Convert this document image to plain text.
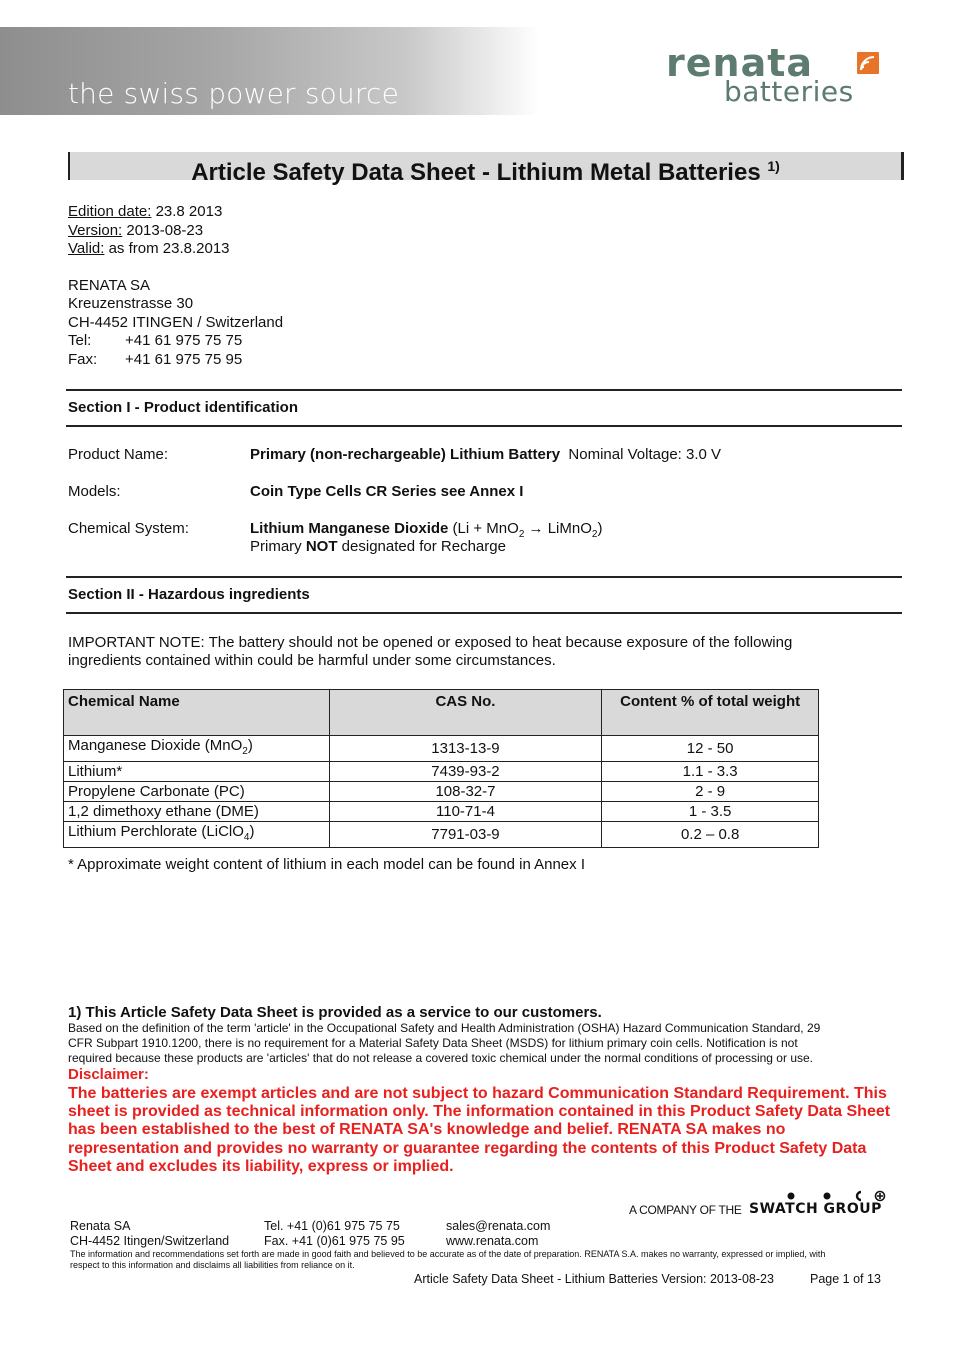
the swiss power source
renata
batteries
Article Safety Data Sheet - Lithium Metal Batteries $^{1)}$
Edition date: 23.8 2013
Version: 2013-08-23
Valid: as from 23.8.2013
RENATA SA
Kreuzenstrasse 30
CH-4452 ITINGEN / Switzerland
Tel: +41 61 975 75 75
Fax: +41 61 975 75 95
Section I - Product identification
Product Name:	Primary (non-rechargeable) Lithium Battery Nominal Voltage: 3.0 V
Models:	Coin Type Cells CR Series see Annex I
Chemical System:	Lithium Manganese Dioxide (Li + MnO$_2$ → LiMnO$_2$)
Primary NOT designated for Recharge
Section II - Hazardous ingredients
IMPORTANT NOTE: The battery should not be opened or exposed to heat because exposure of the following
ingredients contained within could be harmful under some circumstances.
Chemical Name	CAS No.	Content % of total weight
Manganese Dioxide (MnO$_2$)	1313-13-9	12 - 50
Lithium*	7439-93-2	1.1 - 3.3
Propylene Carbonate (PC)	108-32-7	2 - 9
1,2 dimethoxy ethane (DME)	110-71-4	1 - 3.5
Lithium Perchlorate (LiClO$_4$)	7791-03-9	0.2 – 0.8
* Approximate weight content of lithium in each model can be found in Annex I
1) This Article Safety Data Sheet is provided as a service to our customers.
Based on the definition of the term 'article' in the Occupational Safety and Health Administration (OSHA) Hazard Communication Standard, 29
CFR Subpart 1910.1200, there is no requirement for a Material Safety Data Sheet (MSDS) for lithium primary coin cells. Notification is not
required because these products are 'articles' that do not release a covered toxic chemical under the normal conditions of processing or use.
Disclaimer:
The batteries are exempt articles and are not subject to hazard Communication Standard Requirement. This
sheet is provided as technical information only. The information contained in this Product Safety Data Sheet
has been established to the best of RENATA SA's knowledge and belief. RENATA SA makes no
representation and provides no warranty or guarantee regarding the contents of this Product Safety Data
Sheet and excludes its liability, express or implied.
A COMPANY OF THE SWATCH GROUP
Renata SA
CH-4452 Itingen/Switzerland
Tel. +41 (0)61 975 75 75
Fax. +41 (0)61 975 75 95
sales@renata.com
www.renata.com
The information and recommendations set forth are made in good faith and believed to be accurate as of the date of preparation. RENATA S.A. makes no warranty, expressed or implied, with
respect to this information and disclaims all liabilities from reliance on it.
Article Safety Data Sheet - Lithium Batteries Version: 2013-08-23	Page 1 of 13
